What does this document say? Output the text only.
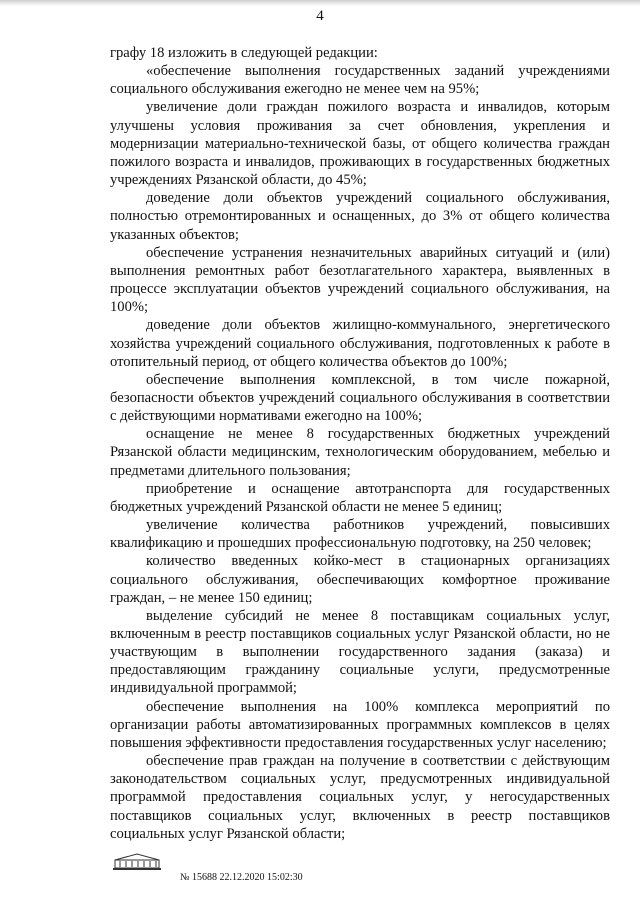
4

графу 18 изложить в следующей редакции:

«обеспечение выполнения государственных заданий учреждениями социального обслуживания ежегодно не менее чем на 95%;

увеличение доли граждан пожилого возраста и инвалидов, которым улучшены условия проживания за счет обновления, укрепления и модернизации материально-технической базы, от общего количества граждан пожилого возраста и инвалидов, проживающих в государственных бюджетных учреждениях Рязанской области, до 45%;

доведение доли объектов учреждений социального обслуживания, полностью отремонтированных и оснащенных, до 3% от общего количества указанных объектов;

обеспечение устранения незначительных аварийных ситуаций и (или) выполнения ремонтных работ безотлагательного характера, выявленных в процессе эксплуатации объектов учреждений социального обслуживания, на 100%;

доведение доли объектов жилищно-коммунального, энергетического хозяйства учреждений социального обслуживания, подготовленных к работе в отопительный период, от общего количества объектов до 100%;

обеспечение выполнения комплексной, в том числе пожарной, безопасности объектов учреждений социального обслуживания в соответствии с действующими нормативами ежегодно на 100%;

оснащение не менее 8 государственных бюджетных учреждений Рязанской области медицинским, технологическим оборудованием, мебелью и предметами длительного пользования;

приобретение и оснащение автотранспорта для государственных бюджетных учреждений Рязанской области не менее 5 единиц;

увеличение количества работников учреждений, повысивших квалификацию и прошедших профессиональную подготовку, на 250 человек;

количество введенных койко-мест в стационарных организациях социального обслуживания, обеспечивающих комфортное проживание граждан, – не менее 150 единиц;

выделение субсидий не менее 8 поставщикам социальных услуг, включенным в реестр поставщиков социальных услуг Рязанской области, но не участвующим в выполнении государственного задания (заказа) и предоставляющим гражданину социальные услуги, предусмотренные индивидуальной программой;

обеспечение выполнения на 100% комплекса мероприятий по организации работы автоматизированных программных комплексов в целях повышения эффективности предоставления государственных услуг населению;

обеспечение прав граждан на получение в соответствии с действующим законодательством социальных услуг, предусмотренных индивидуальной программой предоставления социальных услуг, у негосударственных поставщиков социальных услуг, включенных в реестр поставщиков социальных услуг Рязанской области;

№ 15688 22.12.2020 15:02:30
